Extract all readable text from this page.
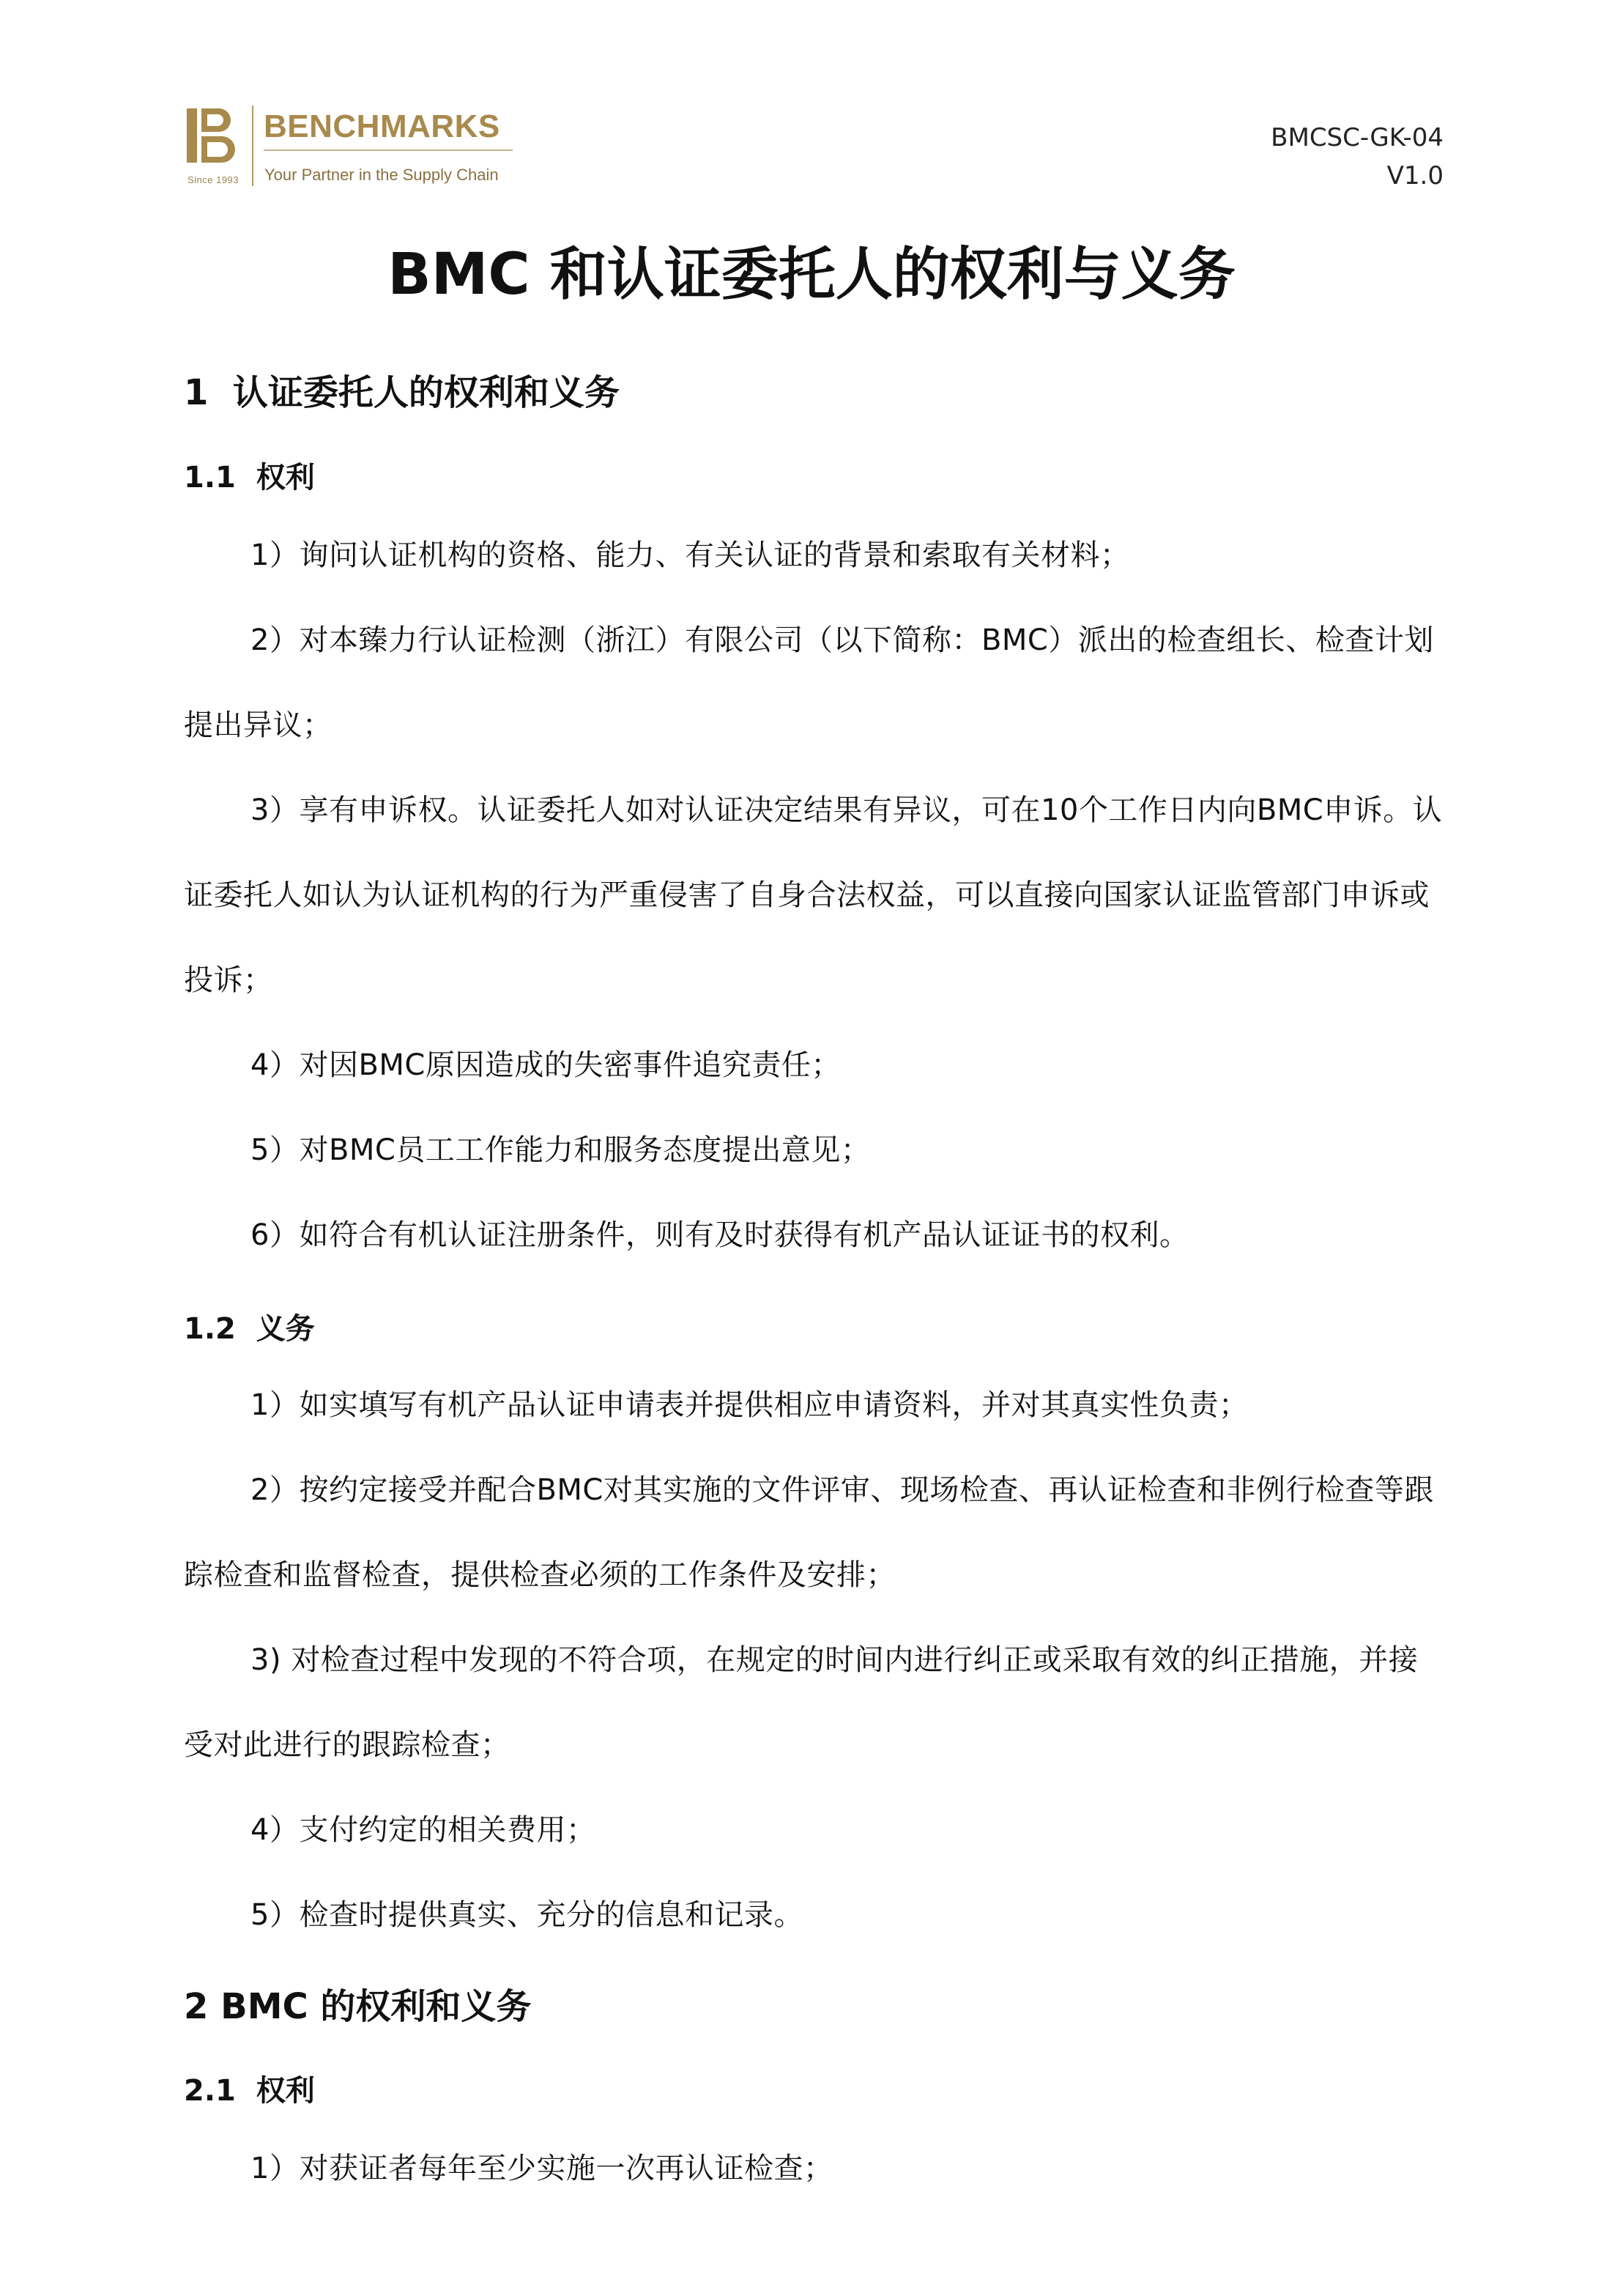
Since 1993
BENCHMARKS
Your Partner in the Supply Chain
BMCSC-GK-04
V1.0
BMC 和认证委托人的权利与义务
1  认证委托人的权利和义务
1.1  权利
1）询问认证机构的资格、能力、有关认证的背景和索取有关材料；
2）对本臻力行认证检测（浙江）有限公司（以下简称：BMC）派出的检查组长、检查计划提出异议；
3）享有申诉权。认证委托人如对认证决定结果有异议，可在10个工作日内向BMC申诉。认证委托人如认为认证机构的行为严重侵害了自身合法权益，可以直接向国家认证监管部门申诉或投诉；
4）对因BMC原因造成的失密事件追究责任；
5）对BMC员工工作能力和服务态度提出意见；
6）如符合有机认证注册条件，则有及时获得有机产品认证证书的权利。
1.2  义务
1）如实填写有机产品认证申请表并提供相应申请资料，并对其真实性负责；
2）按约定接受并配合BMC对其实施的文件评审、现场检查、再认证检查和非例行检查等跟踪检查和监督检查，提供检查必须的工作条件及安排；
3) 对检查过程中发现的不符合项，在规定的时间内进行纠正或采取有效的纠正措施，并接受对此进行的跟踪检查；
4）支付约定的相关费用；
5）检查时提供真实、充分的信息和记录。
2 BMC 的权利和义务
2.1  权利
1）对获证者每年至少实施一次再认证检查；
